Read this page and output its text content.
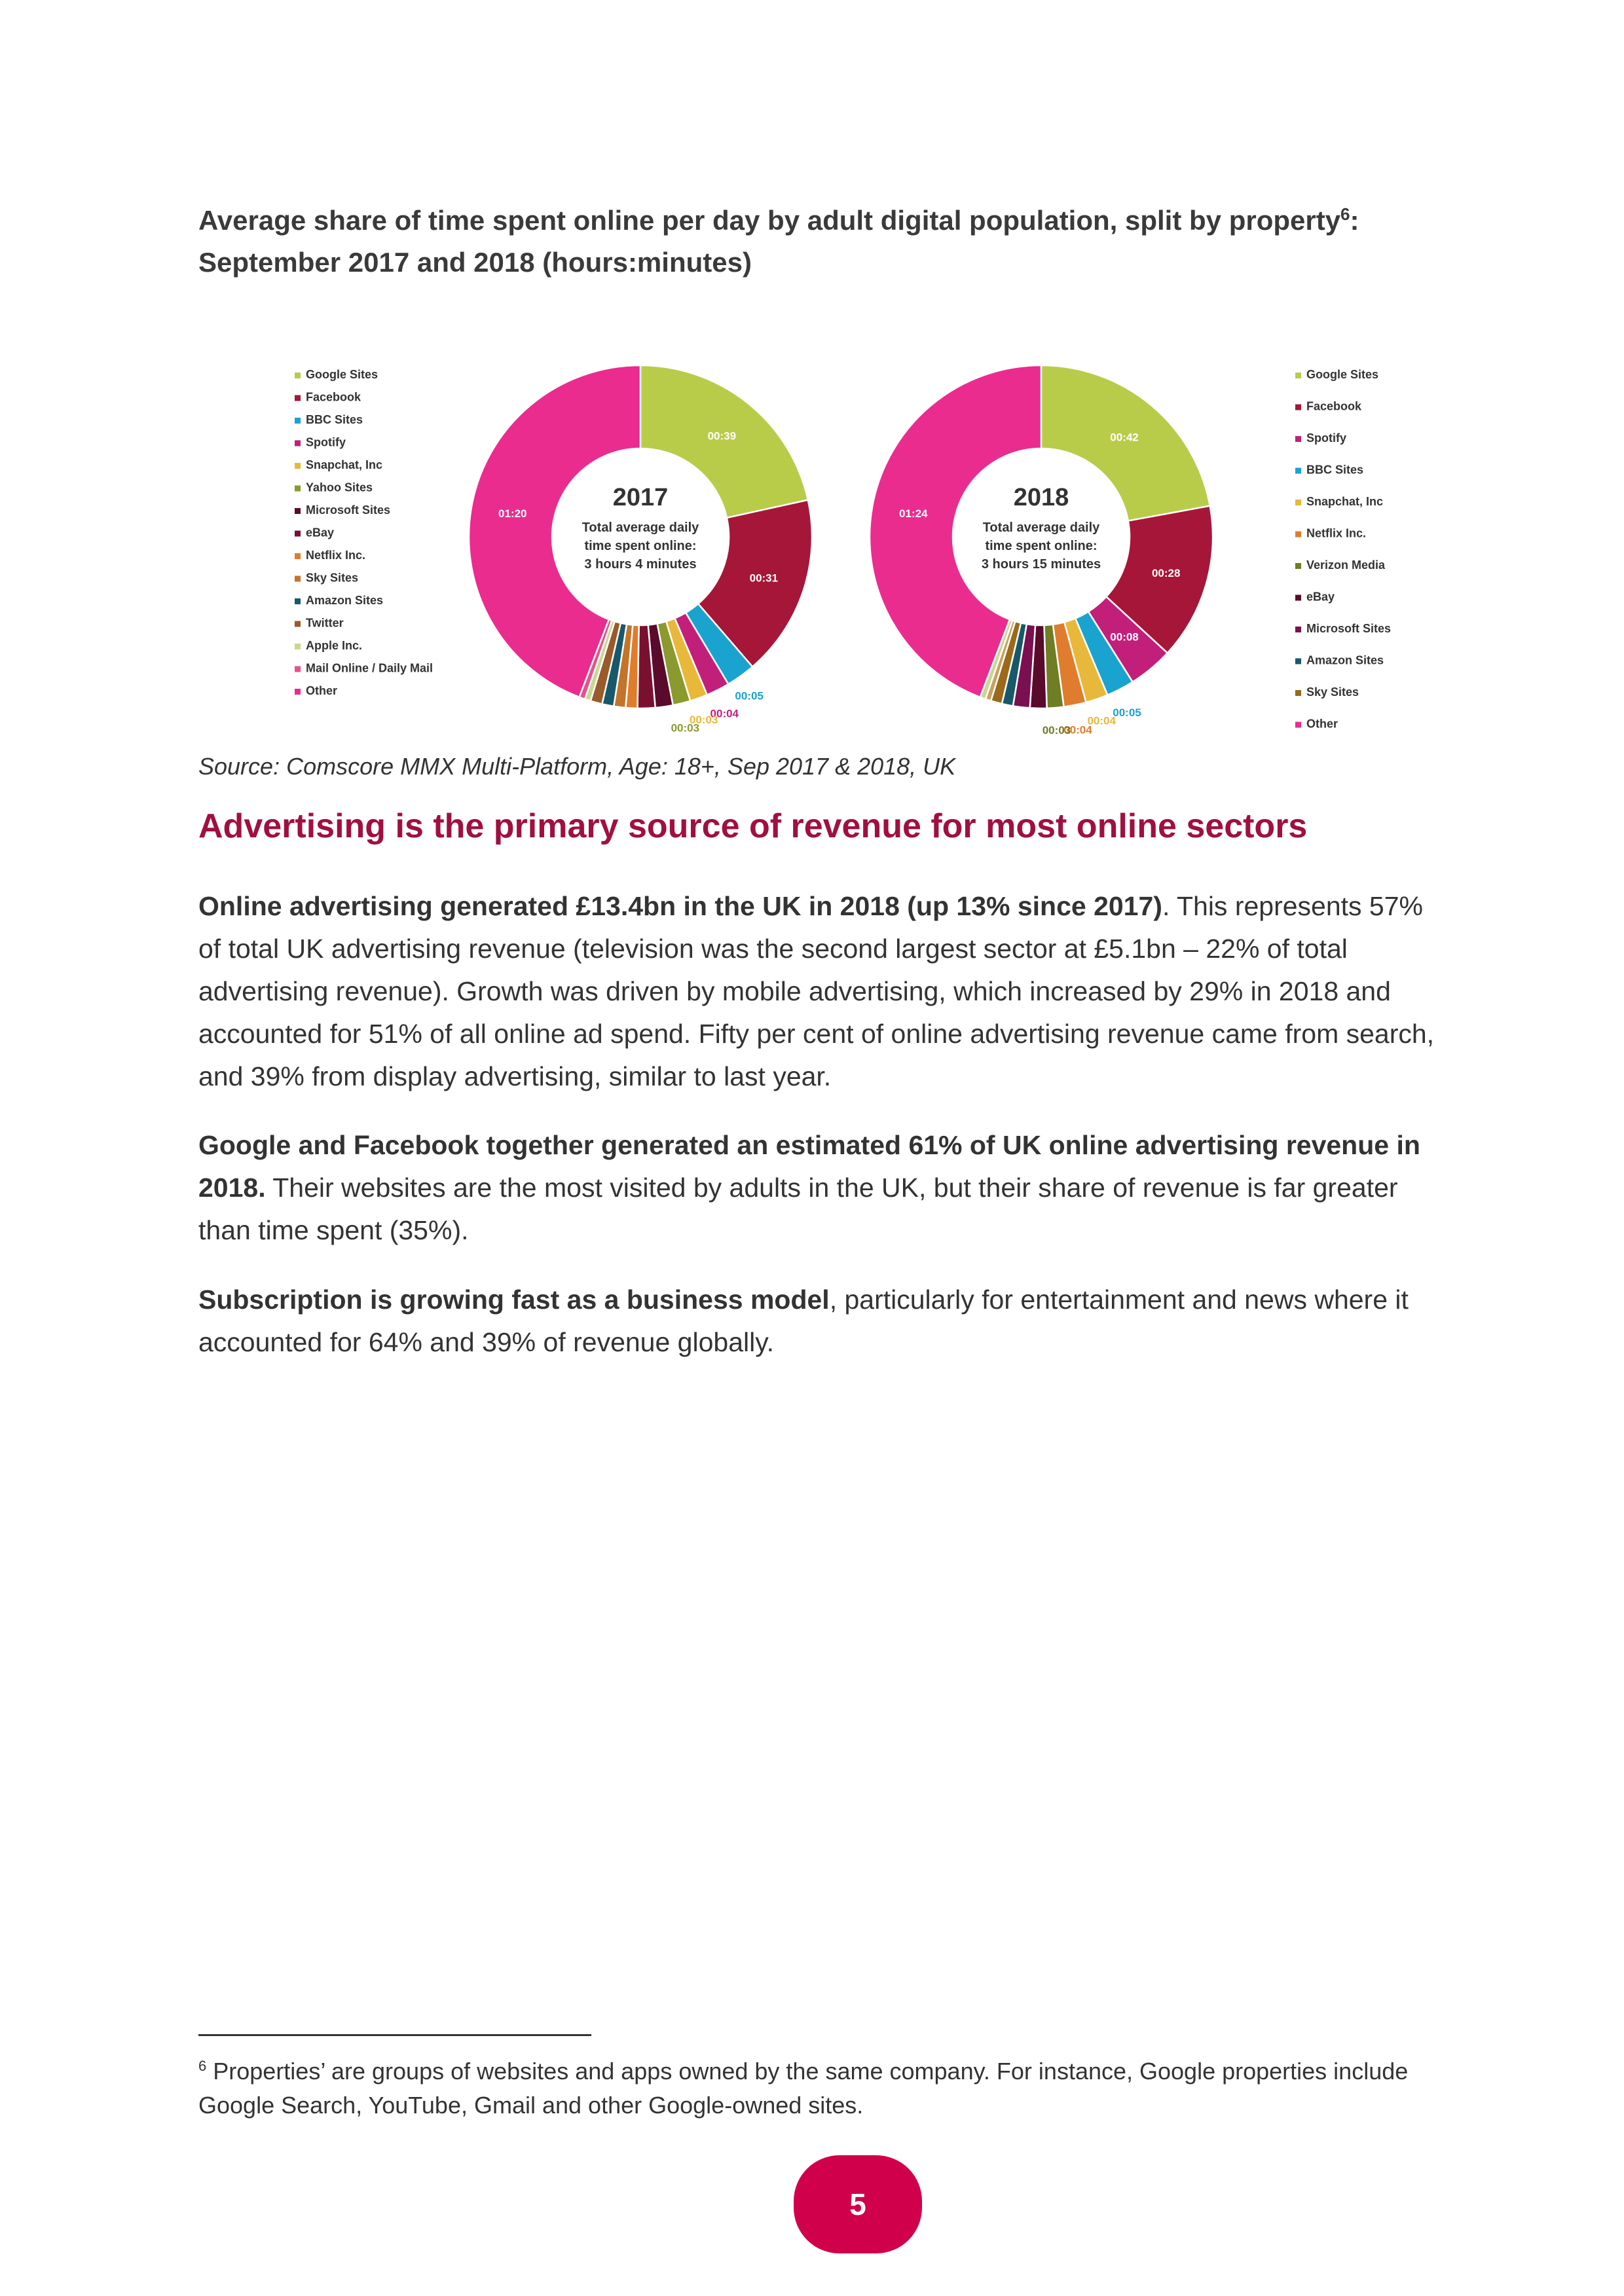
Average share of time spent online per day by adult digital population, split by property$^6$:
September 2017 and 2018 (hours:minutes)
00:39
00:31
00:05
00:04
00:03
00:03
01:20
2017
Total average daily
time spent online:
3 hours 4 minutes
Google Sites
Facebook
BBC Sites
Spotify
Snapchat, Inc
Yahoo Sites
Microsoft Sites
eBay
Netflix Inc.
Sky Sites
Amazon Sites
Twitter
Apple Inc.
Mail Online / Daily Mail
Other
00:42
00:28
00:08
00:05
00:04
00:04
00:03
01:24
2018
Total average daily
time spent online:
3 hours 15 minutes
Google Sites
Facebook
Spotify
BBC Sites
Snapchat, Inc
Netflix Inc.
Verizon Media
eBay
Microsoft Sites
Amazon Sites
Sky Sites
Other
Source: Comscore MMX Multi-Platform, Age: 18+, Sep 2017 & 2018, UK
Advertising is the primary source of revenue for most online sectors
Online advertising generated £13.4bn in the UK in 2018 (up 13% since 2017). This represents 57% of total UK advertising revenue (television was the second largest sector at £5.1bn – 22% of total advertising revenue). Growth was driven by mobile advertising, which increased by 29% in 2018 and accounted for 51% of all online ad spend. Fifty per cent of online advertising revenue came from search, and 39% from display advertising, similar to last year.
Google and Facebook together generated an estimated 61% of UK online advertising revenue in 2018. Their websites are the most visited by adults in the UK, but their share of revenue is far greater than time spent (35%).
Subscription is growing fast as a business model, particularly for entertainment and news where it accounted for 64% and 39% of revenue globally.
$^6$ Properties’ are groups of websites and apps owned by the same company. For instance, Google properties include Google Search, YouTube, Gmail and other Google-owned sites.
5
